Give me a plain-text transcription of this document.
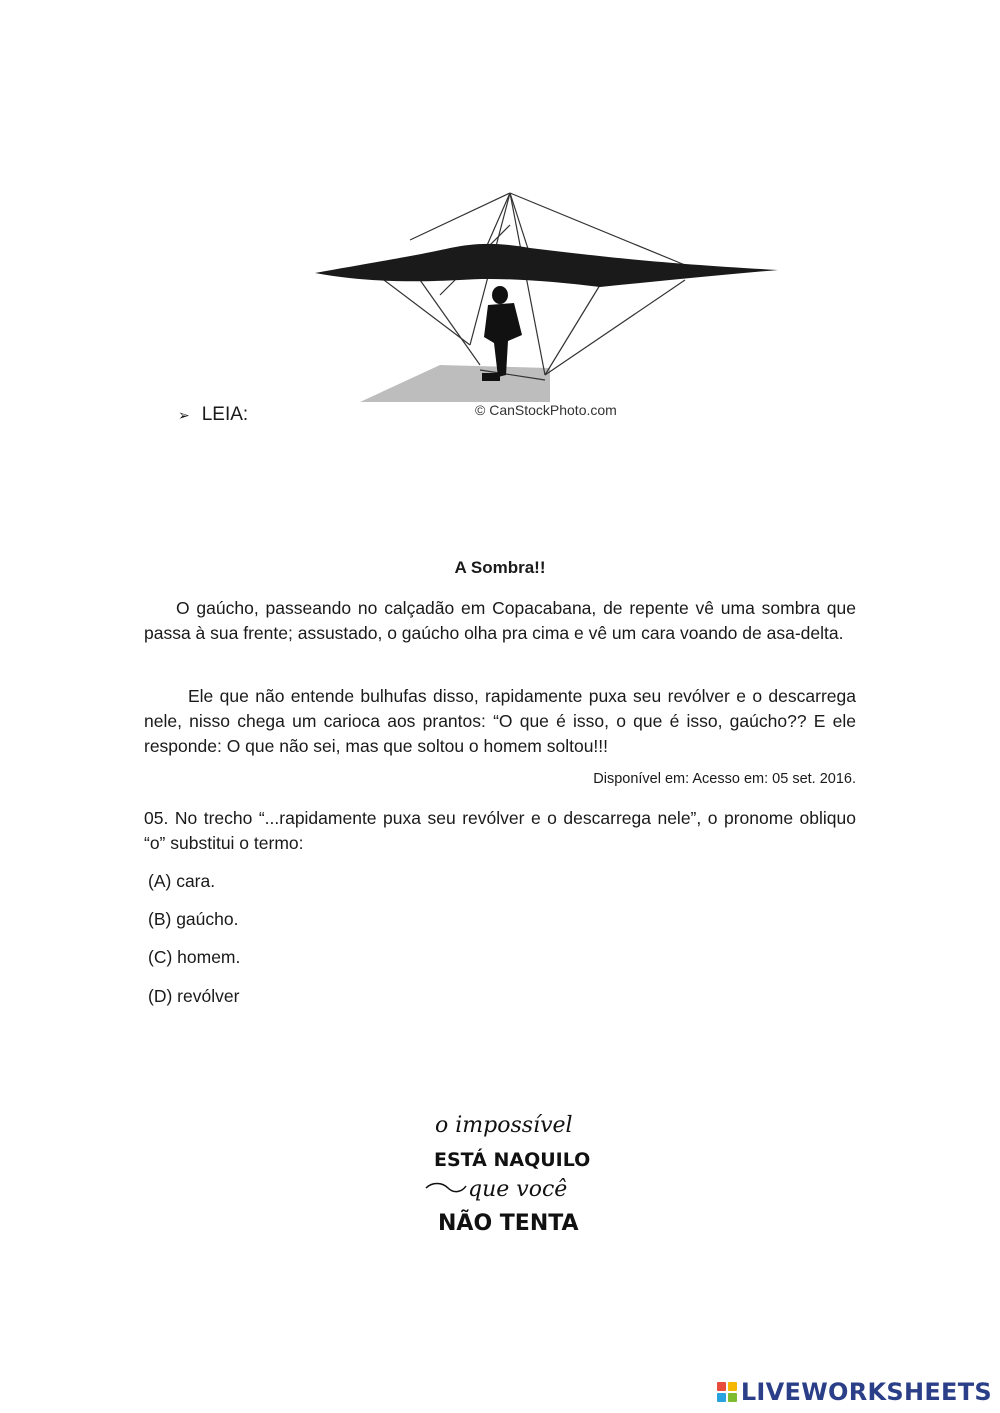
➢ LEIA:	© CanStockPhoto.com
A Sombra!!

O gaúcho, passeando no calçadão em Copacabana, de repente vê uma sombra que passa à sua frente; assustado, o gaúcho olha pra cima e vê um cara voando de asa-delta.

Ele que não entende bulhufas disso, rapidamente puxa seu revólver e o descarrega nele, nisso chega um carioca aos prantos: “O que é isso, o que é isso, gaúcho?? E ele responde: O que não sei, mas que soltou o homem soltou!!!

Disponível em: Acesso em: 05 set. 2016.
05. No trecho “...rapidamente puxa seu revólver e o descarrega nele”, o pronome obliquo “o” substitui o termo:
(A) cara.
(B) gaúcho.
(C) homem.
(D) revólver
o impossível
ESTÁ NAQUILO
que você
NÃO TENTA
LIVEWORKSHEETS
